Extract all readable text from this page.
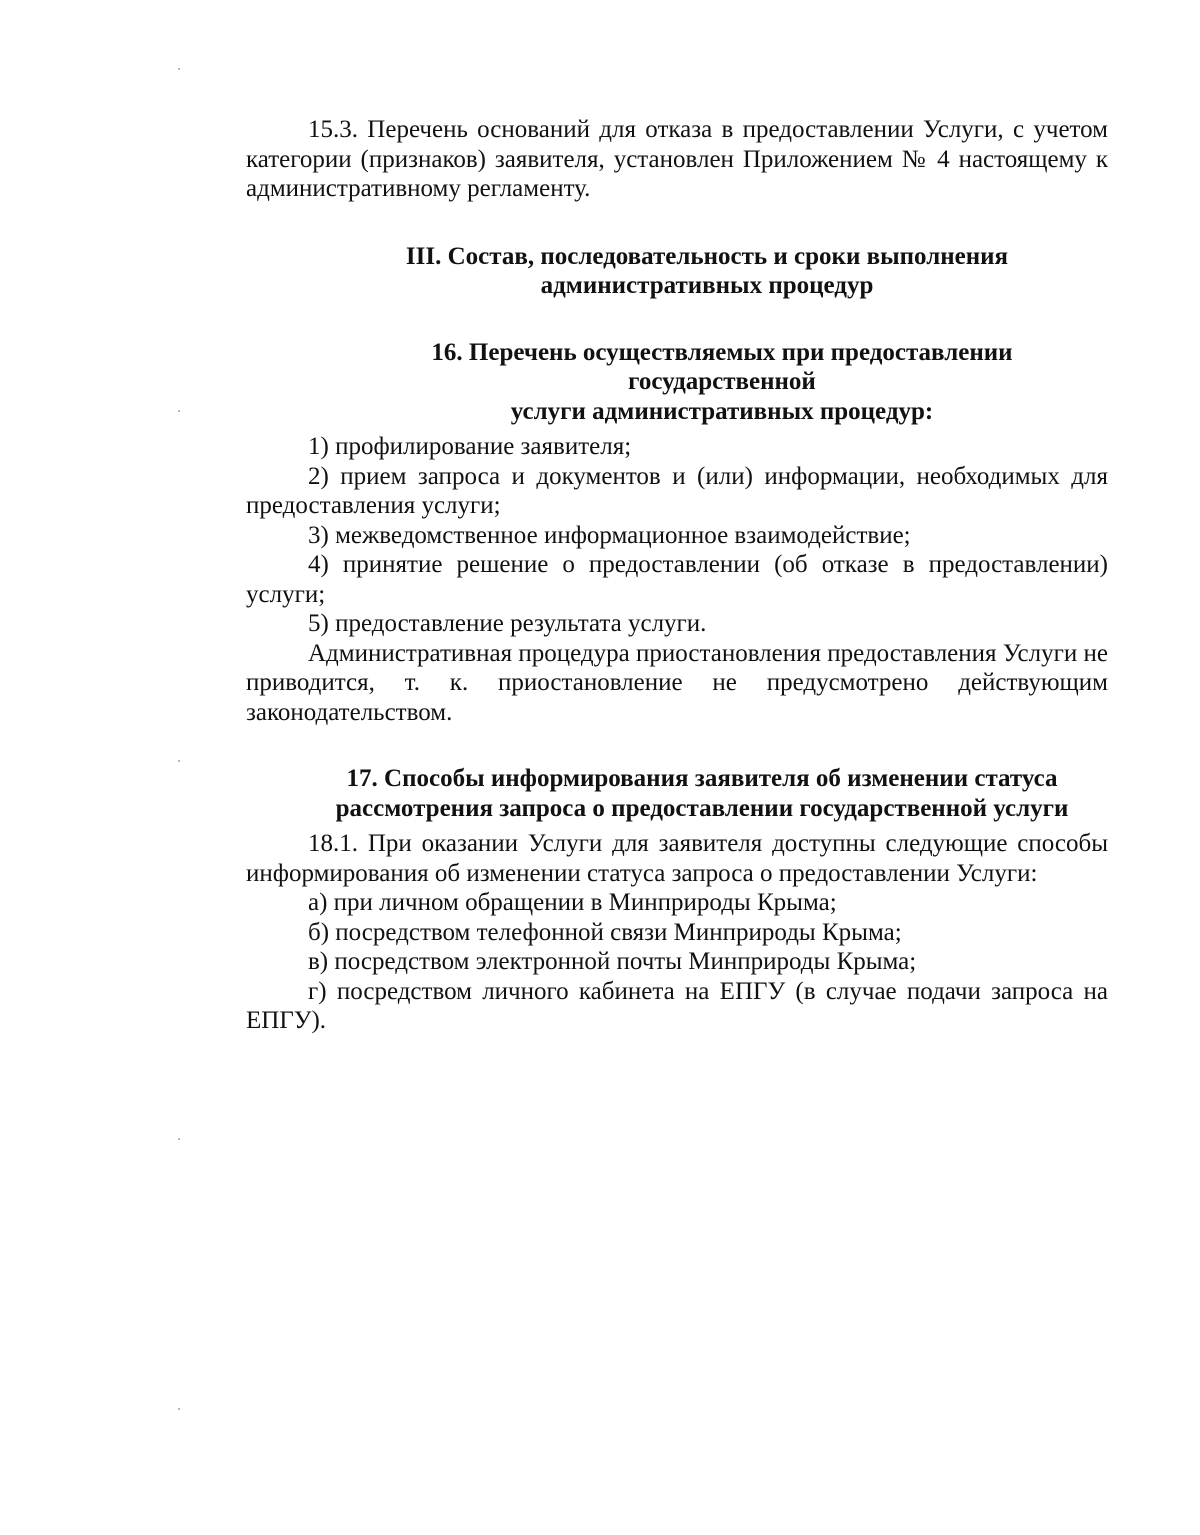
15.3. Перечень оснований для отказа в предоставлении Услуги, с учетом категории (признаков) заявителя, установлен Приложением № 4 настоящему к административному регламенту.

III. Состав, последовательность и сроки выполнения

административных процедур

16. Перечень осуществляемых при предоставлении государственной

услуги административных процедур:

1) профилирование заявителя;

2) прием запроса и документов и (или) информации, необходимых для предоставления услуги;

3) межведомственное информационное взаимодействие;

4) принятие решение о предоставлении (об отказе в предоставлении) услуги;

5) предоставление результата услуги.

Административная процедура приостановления предоставления Услуги не приводится, т. к. приостановление не предусмотрено действующим законодательством.

17. Способы информирования заявителя об изменении статуса

рассмотрения запроса о предоставлении государственной услуги

18.1. При оказании Услуги для заявителя доступны следующие способы информирования об изменении статуса запроса о предоставлении Услуги:

а) при личном обращении в Минприроды Крыма;

б) посредством телефонной связи Минприроды Крыма;

в) посредством электронной почты Минприроды Крыма;

г) посредством личного кабинета на ЕПГУ (в случае подачи запроса на ЕПГУ).
